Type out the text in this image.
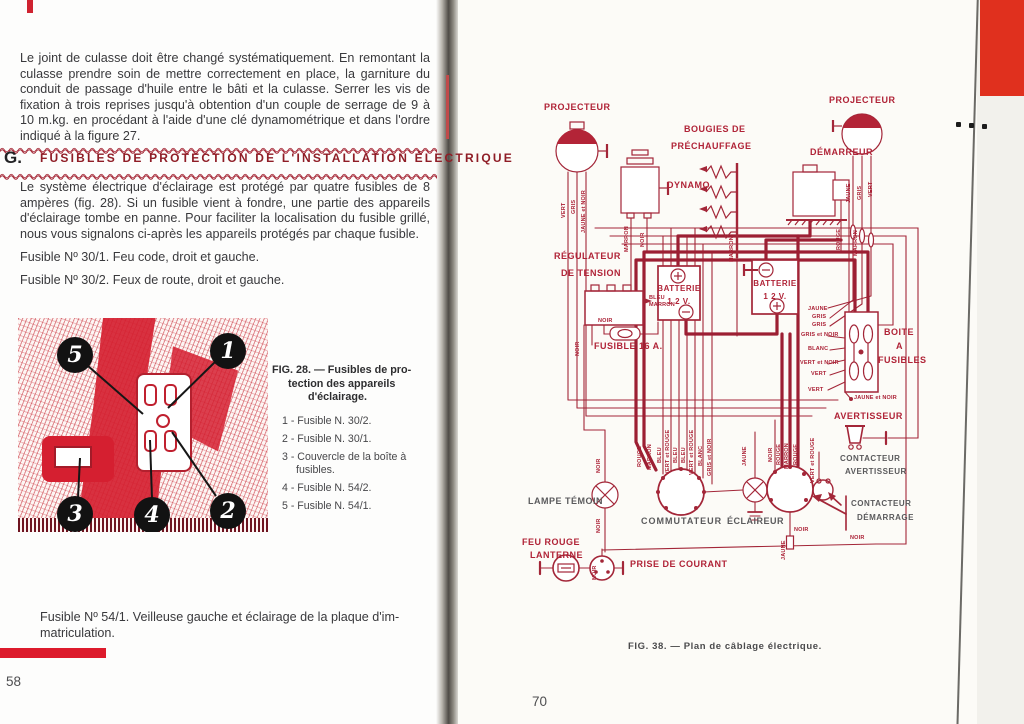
Le joint de culasse doit être changé systématiquement. En remontant la culasse prendre soin de mettre correctement en place, la garniture du conduit de passage d'huile entre le bâti et la culasse. Serrer les vis de fixation à trois reprises jusqu'à obtention d'un couple de serrage de 9 à 10 m.kg. en procédant à l'aide d'une clé dynamométrique et dans l'ordre indiqué à la figure 27.
G. FUSIBLES DE PROTECTION DE L'INSTALLATION ÉLECTRIQUE
Le système électrique d'éclairage est protégé par quatre fusibles de 8 ampères (fig. 28). Si un fusible vient à fondre, une partie des appareils d'éclairage tombe en panne. Pour faciliter la localisation du fusible grillé, nous vous signalons ci-après les appareils protégés par chaque fusible.
Fusible Nº 30/1. Feu code, droit et gauche.
Fusible Nº 30/2. Feux de route, droit et gauche.
5	1
3	4	2
FIG. 28. — Fusibles de pro-
tection des appareils
d'éclairage.
1 - Fusible N. 30/2.
2 - Fusible N. 30/1.
3 - Couvercle de la boîte à
fusibles.
4 - Fusible N. 54/2.
5 - Fusible N. 54/1.
Fusible Nº 54/1. Veilleuse gauche et éclairage de la plaque d'im-
matriculation.
58
PROJECTEUR
PROJECTEUR
DYNAMO
BOUGIES DE
PRÉCHAUFFAGE
DÉMARREUR
RÉGULATEUR
DE TENSION
BATTERIE
1 2 V.
BATTERIE
1 2 V.
FUSIBLE 16 A.
BOITE
A
FUSIBLES
AVERTISSEUR
CONTACTEUR
AVERTISSEUR
CONTACTEUR
DÉMARRAGE
LAMPE TÉMOIN
COMMUTATEUR ÉCLAIREUR
FEU ROUGE
LANTERNE
PRISE DE COURANT
VERT GRIS JAUNE et NOIR
MARRON NOIR	MARRON	ROUGE MARRON
JAUNE GRIS VERT
BLEU
MARRON
NOIR
NOIR
JAUNE
GRIS
GRIS
GRIS et NOIR
BLANC
VERT et NOIR
VERT
VERT
JAUNE et NOIR
ROUGE MARRON BLEU VERT et ROUGE BLEU BLEU VERT et ROUGE BLANC GRIS et NOIR
NOIR
NOIR
JAUNE	NOIR ROUGE MARRON ROUGE
JAUNE
VERT et ROUGE
NOIR
NOIR
NOIR
FIG. 38. — Plan de câblage électrique.
70
